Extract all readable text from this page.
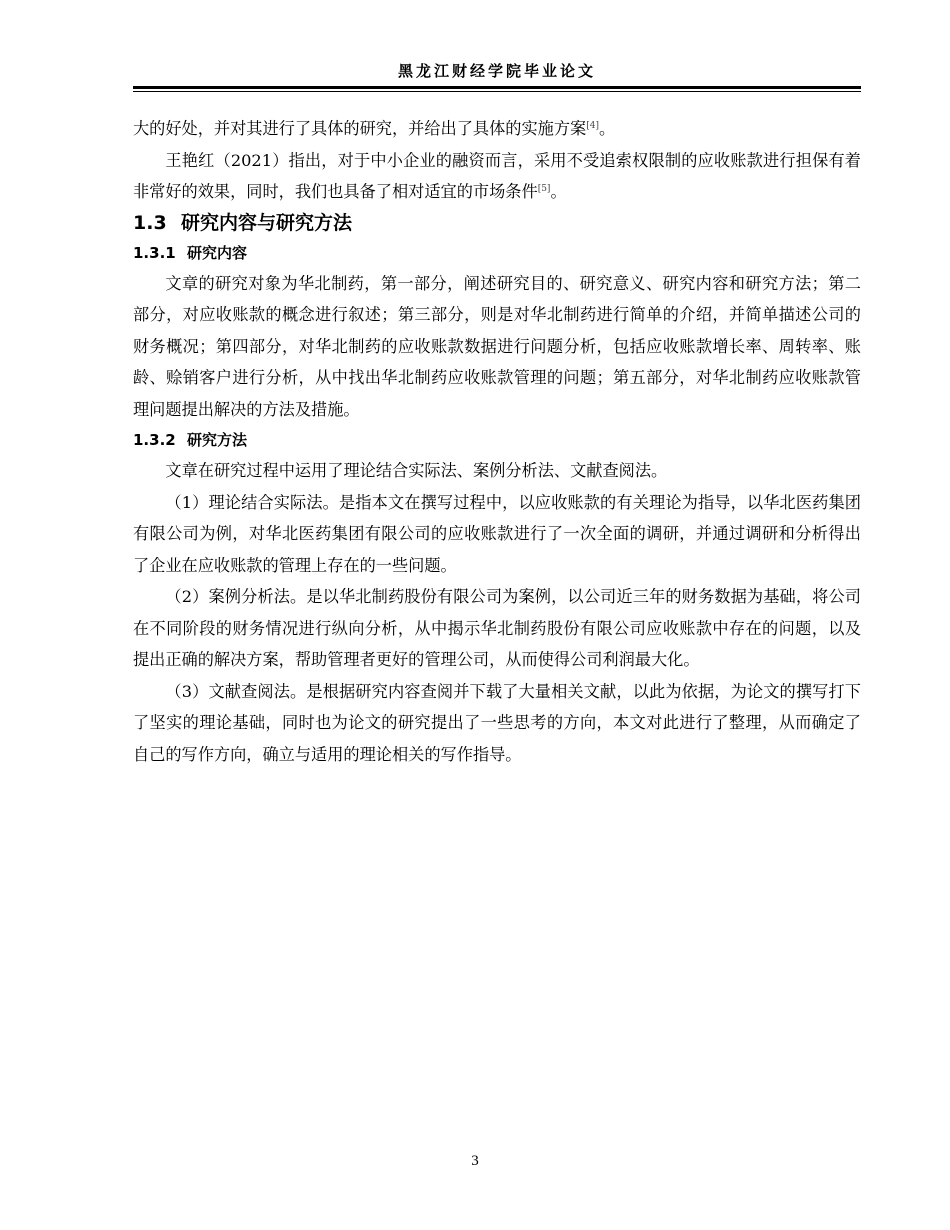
黑龙江财经学院毕业论文

大的好处，并对其进行了具体的研究，并给出了具体的实施方案[4]。

王艳红（2021）指出，对于中小企业的融资而言，采用不受追索权限制的应收账款进行担保有着非常好的效果，同时，我们也具备了相对适宜的市场条件[5]。

1.3 研究内容与研究方法
1.3.1 研究内容

文章的研究对象为华北制药，第一部分，阐述研究目的、研究意义、研究内容和研究方法；第二部分，对应收账款的概念进行叙述；第三部分，则是对华北制药进行简单的介绍，并简单描述公司的财务概况；第四部分，对华北制药的应收账款数据进行问题分析，包括应收账款增长率、周转率、账龄、赊销客户进行分析，从中找出华北制药应收账款管理的问题；第五部分，对华北制药应收账款管理问题提出解决的方法及措施。

1.3.2 研究方法

文章在研究过程中运用了理论结合实际法、案例分析法、文献查阅法。

（1）理论结合实际法。是指本文在撰写过程中，以应收账款的有关理论为指导，以华北医药集团有限公司为例，对华北医药集团有限公司的应收账款进行了一次全面的调研，并通过调研和分析得出了企业在应收账款的管理上存在的一些问题。

（2）案例分析法。是以华北制药股份有限公司为案例，以公司近三年的财务数据为基础，将公司在不同阶段的财务情况进行纵向分析，从中揭示华北制药股份有限公司应收账款中存在的问题，以及提出正确的解决方案，帮助管理者更好的管理公司，从而使得公司利润最大化。

（3）文献查阅法。是根据研究内容查阅并下载了大量相关文献，以此为依据，为论文的撰写打下了坚实的理论基础，同时也为论文的研究提出了一些思考的方向，本文对此进行了整理，从而确定了自己的写作方向，确立与适用的理论相关的写作指导。

3
